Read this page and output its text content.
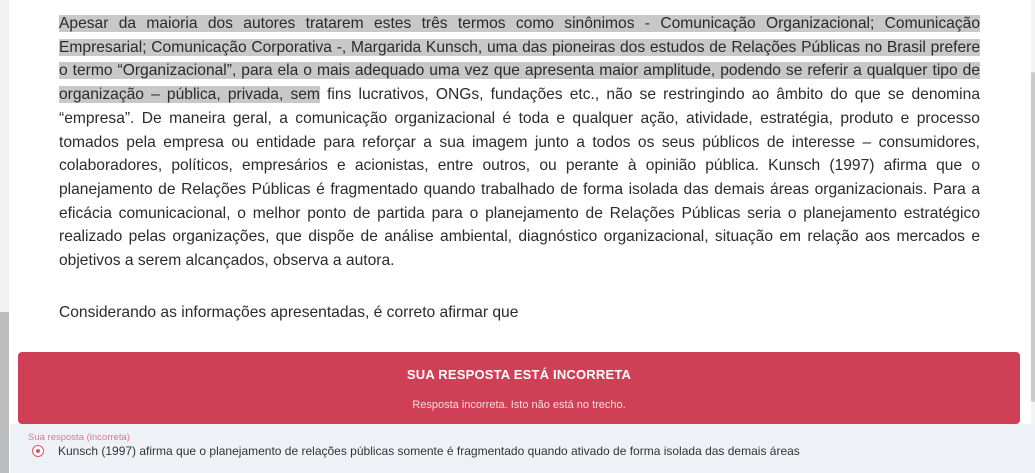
Apesar da maioria dos autores tratarem estes três termos como sinônimos - Comunicação Organizacional; Comunicação Empresarial; Comunicação Corporativa -, Margarida Kunsch, uma das pioneiras dos estudos de Relações Públicas no Brasil prefere o termo “Organizacional”, para ela o mais adequado uma vez que apresenta maior amplitude, podendo se referir a qualquer tipo de organização – pública, privada, sem fins lucrativos, ONGs, fundações etc., não se restringindo ao âmbito do que se denomina “empresa”. De maneira geral, a comunicação organizacional é toda e qualquer ação, atividade, estratégia, produto e processo tomados pela empresa ou entidade para reforçar a sua imagem junto a todos os seus públicos de interesse – consumidores, colaboradores, políticos, empresários e acionistas, entre outros, ou perante à opinião pública. Kunsch (1997) afirma que o planejamento de Relações Públicas é fragmentado quando trabalhado de forma isolada das demais áreas organizacionais. Para a eficácia comunicacional, o melhor ponto de partida para o planejamento de Relações Públicas seria o planejamento estratégico realizado pelas organizações, que dispõe de análise ambiental, diagnóstico organizacional, situação em relação aos mercados e objetivos a serem alcançados, observa a autora.

Considerando as informações apresentadas, é correto afirmar que

SUA RESPOSTA ESTÁ INCORRETA
Resposta incorreta. Isto não está no trecho.
Sua resposta (incorreta)
Kunsch (1997) afirma que o planejamento de relações públicas somente é fragmentado quando ativado de forma isolada das demais áreas
